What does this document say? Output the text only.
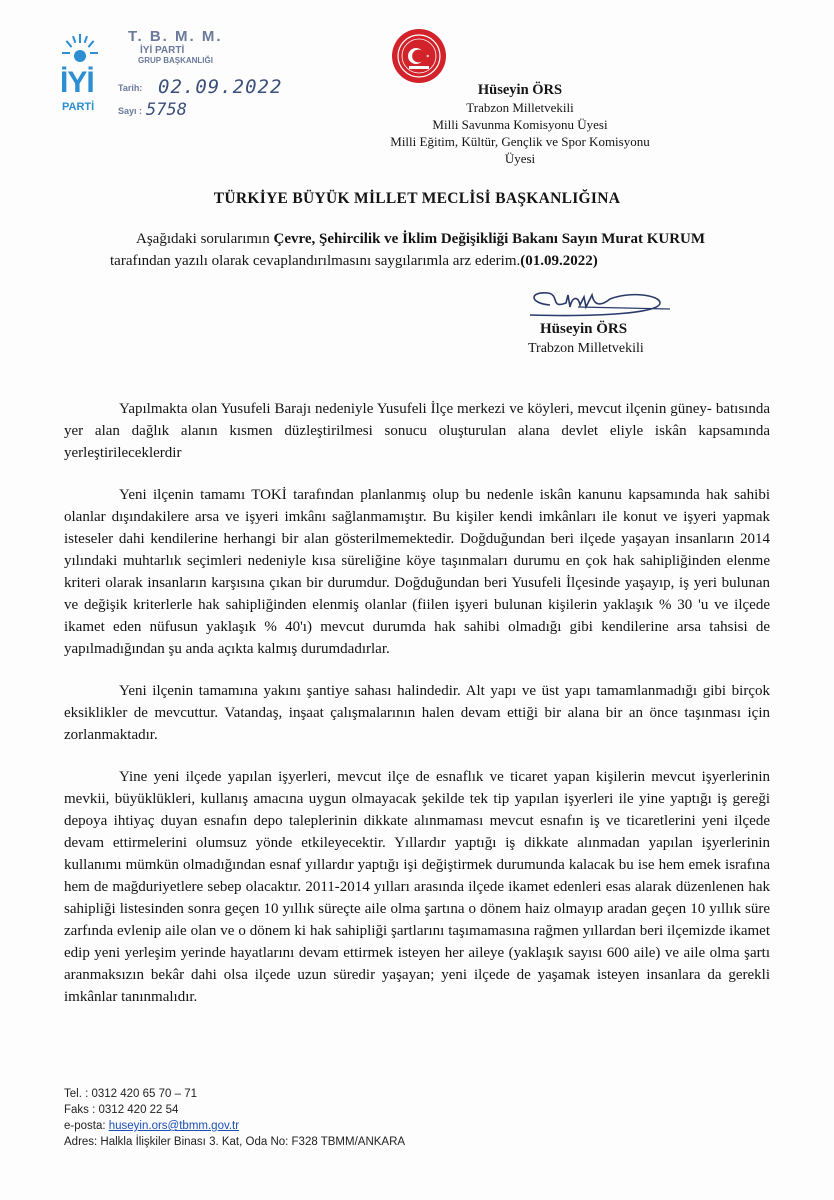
İYİ
PARTİ
T. B. M. M.
İYİ PARTİ
GRUP BAŞKANLIĞI
Tarih: 02.09.2022
Sayı : 5758
Hüseyin ÖRS
Trabzon Milletvekili
Milli Savunma Komisyonu Üyesi
Milli Eğitim, Kültür, Gençlik ve Spor Komisyonu Üyesi
TÜRKİYE BÜYÜK MİLLET MECLİSİ BAŞKANLIĞINA
Aşağıdaki sorularımın Çevre, Şehircilik ve İklim Değişikliği Bakanı Sayın Murat KURUM tarafından yazılı olarak cevaplandırılmasını saygılarımla arz ederim.(01.09.2022)
Hüseyin ÖRS
Trabzon Milletvekili

Yapılmakta olan Yusufeli Barajı nedeniyle Yusufeli İlçe merkezi ve köyleri, mevcut ilçenin güney- batısında yer alan dağlık alanın kısmen düzleştirilmesi sonucu oluşturulan alana devlet eliyle iskân kapsamında yerleştirileceklerdir

Yeni ilçenin tamamı TOKİ tarafından planlanmış olup bu nedenle iskân kanunu kapsamında hak sahibi olanlar dışındakilere arsa ve işyeri imkânı sağlanmamıştır. Bu kişiler kendi imkânları ile konut ve işyeri yapmak isteseler dahi kendilerine herhangi bir alan gösterilmemektedir. Doğduğundan beri ilçede yaşayan insanların 2014 yılındaki muhtarlık seçimleri nedeniyle kısa süreliğine köye taşınmaları durumu en çok hak sahipliğinden elenme kriteri olarak insanların karşısına çıkan bir durumdur. Doğduğundan beri Yusufeli İlçesinde yaşayıp, iş yeri bulunan ve değişik kriterlerle hak sahipliğinden elenmiş olanlar (fiilen işyeri bulunan kişilerin yaklaşık % 30 'u ve ilçede ikamet eden nüfusun yaklaşık % 40'ı) mevcut durumda hak sahibi olmadığı gibi kendilerine arsa tahsisi de yapılmadığından şu anda açıkta kalmış durumdadırlar.

Yeni ilçenin tamamına yakını şantiye sahası halindedir. Alt yapı ve üst yapı tamamlanmadığı gibi birçok eksiklikler de mevcuttur. Vatandaş, inşaat çalışmalarının halen devam ettiği bir alana bir an önce taşınması için zorlanmaktadır.

Yine yeni ilçede yapılan işyerleri, mevcut ilçe de esnaflık ve ticaret yapan kişilerin mevcut işyerlerinin mevkii, büyüklükleri, kullanış amacına uygun olmayacak şekilde tek tip yapılan işyerleri ile yine yaptığı iş gereği depoya ihtiyaç duyan esnafın depo taleplerinin dikkate alınmaması mevcut esnafın iş ve ticaretlerini yeni ilçede devam ettirmelerini olumsuz yönde etkileyecektir. Yıllardır yaptığı iş dikkate alınmadan yapılan işyerlerinin kullanımı mümkün olmadığından esnaf yıllardır yaptığı işi değiştirmek durumunda kalacak bu ise hem emek israfına hem de mağduriyetlere sebep olacaktır. 2011-2014 yılları arasında ilçede ikamet edenleri esas alarak düzenlenen hak sahipliği listesinden sonra geçen 10 yıllık süreçte aile olma şartına o dönem haiz olmayıp aradan geçen 10 yıllık süre zarfında evlenip aile olan ve o dönem ki hak sahipliği şartlarını taşımamasına rağmen yıllardan beri ilçemizde ikamet edip yeni yerleşim yerinde hayatlarını devam ettirmek isteyen her aileye (yaklaşık sayısı 600 aile) ve aile olma şartı aranmaksızın bekâr dahi olsa ilçede uzun süredir yaşayan; yeni ilçede de yaşamak isteyen insanlara da gerekli imkânlar tanınmalıdır.

Tel. : 0312 420 65 70 – 71
Faks : 0312 420 22 54
e-posta: huseyin.ors@tbmm.gov.tr
Adres: Halkla İlişkiler Binası 3. Kat, Oda No: F328 TBMM/ANKARA
